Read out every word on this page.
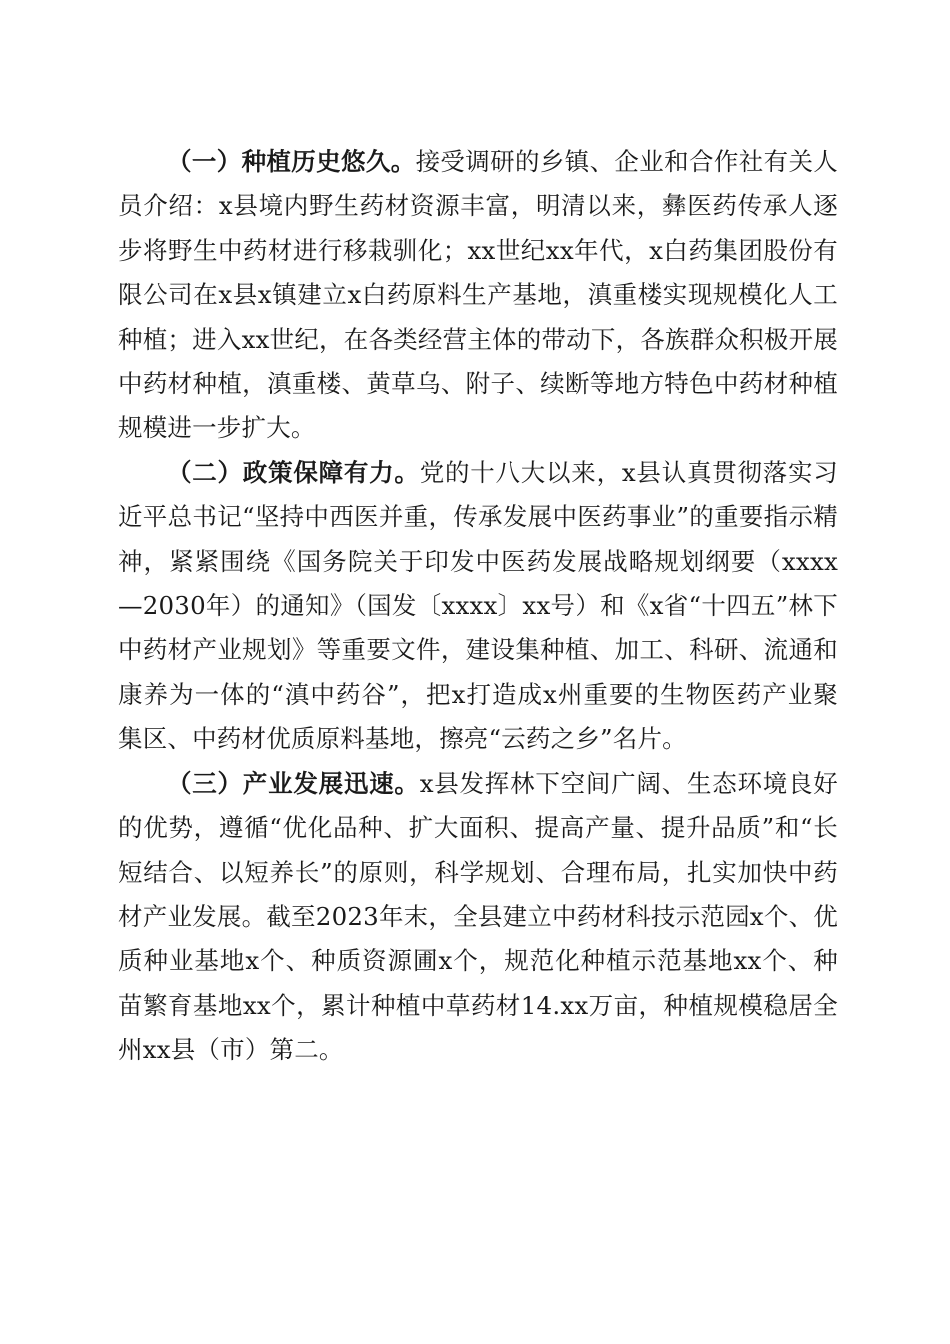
（一）种植历史悠久。接受调研的乡镇、企业和合作社有关人员介绍：x县境内野生药材资源丰富，明清以来，彝医药传承人逐步将野生中药材进行移栽驯化；xx世纪xx年代，x白药集团股份有限公司在x县x镇建立x白药原料生产基地，滇重楼实现规模化人工种植；进入xx世纪，在各类经营主体的带动下，各族群众积极开展中药材种植，滇重楼、黄草乌、附子、续断等地方特色中药材种植规模进一步扩大。

（二）政策保障有力。党的十八大以来，x县认真贯彻落实习近平总书记“坚持中西医并重，传承发展中医药事业”的重要指示精神，紧紧围绕《国务院关于印发中医药发展战略规划纲要（xxxx—2030年）的通知》（国发〔xxxx〕xx号）和《x省“十四五”林下中药材产业规划》等重要文件，建设集种植、加工、科研、流通和康养为一体的“滇中药谷”，把x打造成x州重要的生物医药产业聚集区、中药材优质原料基地，擦亮“云药之乡”名片。

（三）产业发展迅速。x县发挥林下空间广阔、生态环境良好的优势，遵循“优化品种、扩大面积、提高产量、提升品质”和“长短结合、以短养长”的原则，科学规划、合理布局，扎实加快中药材产业发展。截至2023年末，全县建立中药材科技示范园x个、优质种业基地x个、种质资源圃x个，规范化种植示范基地xx个、种苗繁育基地xx个，累计种植中草药材14.xx万亩，种植规模稳居全州xx县（市）第二。
